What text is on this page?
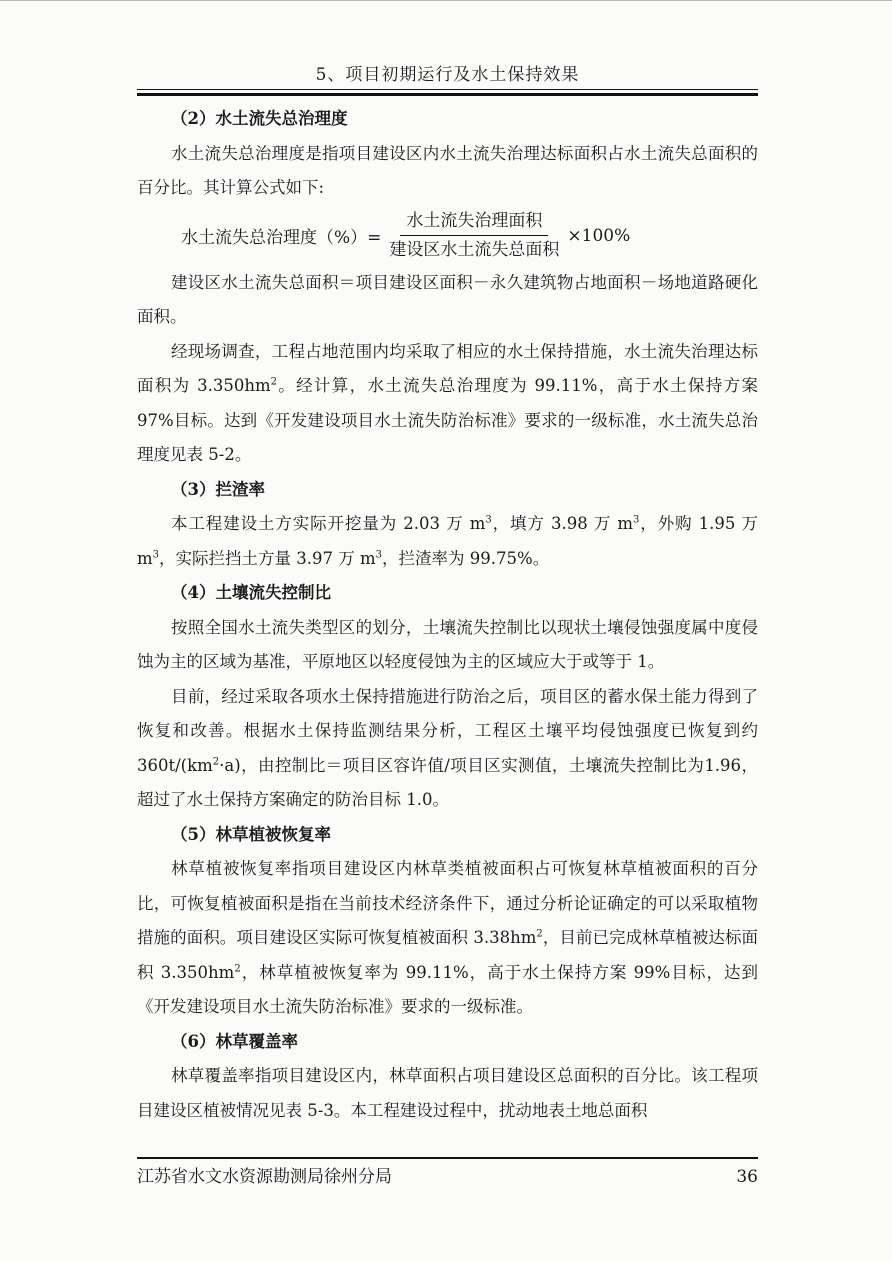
5、项目初期运行及水土保持效果

（2）水土流失总治理度

水土流失总治理度是指项目建设区内水土流失治理达标面积占水土流失总面积的百分比。其计算公式如下:

水土流失总治理度（%）= $\frac{\text{水土流失治理面积}}{\text{建设区水土流失总面积}} \times 100\%$

建设区水土流失总面积＝项目建设区面积－永久建筑物占地面积－场地道路硬化面积。

经现场调查，工程占地范围内均采取了相应的水土保持措施，水土流失治理达标面积为 $3.350hm^2$。经计算，水土流失总治理度为 99.11%，高于水土保持方案 97%目标。达到《开发建设项目水土流失防治标准》要求的一级标准，水土流失总治理度见表 5-2。

（3）拦渣率

本工程建设土方实际开挖量为 2.03 万 $m^3$，填方 3.98 万 $m^3$，外购 1.95 万 $m^3$，实际拦挡土方量 3.97 万 $m^3$，拦渣率为 99.75%。

（4）土壤流失控制比

按照全国水土流失类型区的划分，土壤流失控制比以现状土壤侵蚀强度属中度侵蚀为主的区域为基准，平原地区以轻度侵蚀为主的区域应大于或等于 1。

目前，经过采取各项水土保持措施进行防治之后，项目区的蓄水保土能力得到了恢复和改善。根据水土保持监测结果分析，工程区土壤平均侵蚀强度已恢复到约 $360t/(km^2\cdot a)$，由控制比＝项目区容许值/项目区实测值，土壤流失控制比为1.96，超过了水土保持方案确定的防治目标 1.0。

（5）林草植被恢复率

林草植被恢复率指项目建设区内林草类植被面积占可恢复林草植被面积的百分比，可恢复植被面积是指在当前技术经济条件下，通过分析论证确定的可以采取植物措施的面积。项目建设区实际可恢复植被面积 $3.38hm^2$，目前已完成林草植被达标面积 $3.350hm^2$，林草植被恢复率为 99.11%，高于水土保持方案 99%目标，达到《开发建设项目水土流失防治标准》要求的一级标准。

（6）林草覆盖率

林草覆盖率指项目建设区内，林草面积占项目建设区总面积的百分比。该工程项目建设区植被情况见表 5-3。本工程建设过程中，扰动地表土地总面积

江苏省水文水资源勘测局徐州分局	36
